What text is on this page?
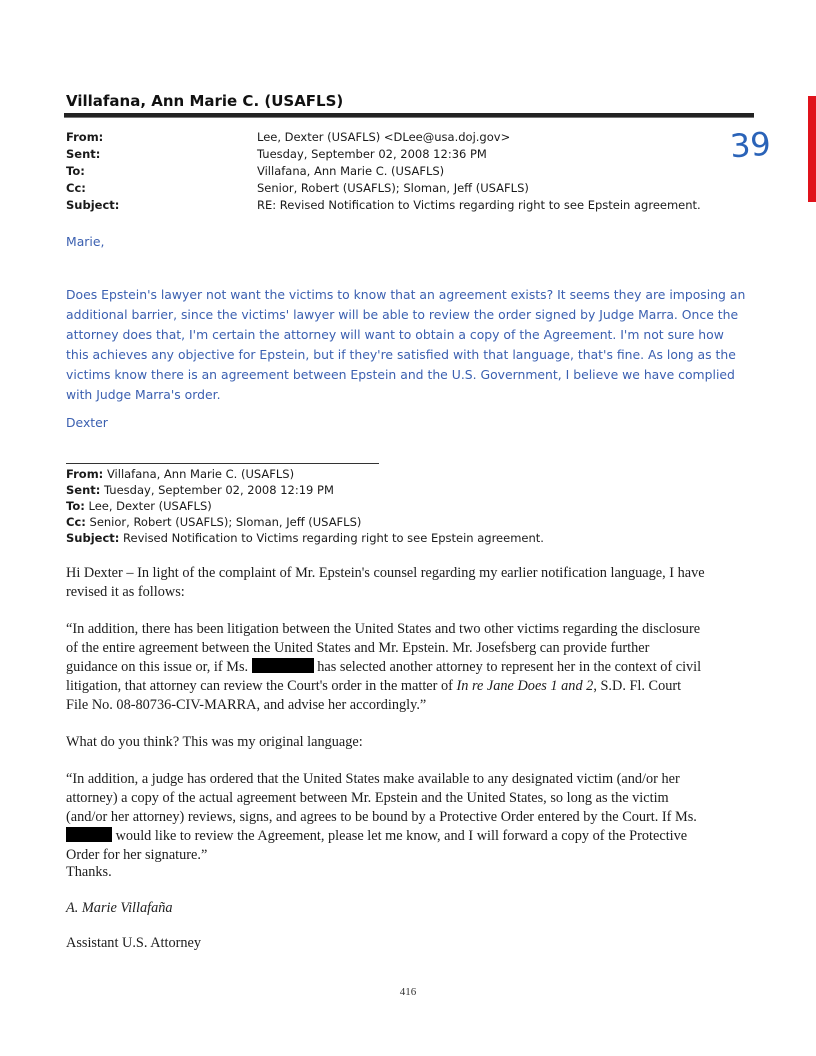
Villafana, Ann Marie C. (USAFLS)
39
From:	Lee, Dexter (USAFLS) <DLee@usa.doj.gov>
Sent:	Tuesday, September 02, 2008 12:36 PM
To:	Villafana, Ann Marie C. (USAFLS)
Cc:	Senior, Robert (USAFLS); Sloman, Jeff (USAFLS)
Subject:	RE: Revised Notification to Victims regarding right to see Epstein agreement.
Marie,
Does Epstein's lawyer not want the victims to know that an agreement exists? It seems they are imposing an
additional barrier, since the victims' lawyer will be able to review the order signed by Judge Marra. Once the
attorney does that, I'm certain the attorney will want to obtain a copy of the Agreement. I'm not sure how
this achieves any objective for Epstein, but if they're satisfied with that language, that's fine. As long as the
victims know there is an agreement between Epstein and the U.S. Government, I believe we have complied
with Judge Marra's order.
Dexter
From: Villafana, Ann Marie C. (USAFLS)
Sent: Tuesday, September 02, 2008 12:19 PM
To: Lee, Dexter (USAFLS)
Cc: Senior, Robert (USAFLS); Sloman, Jeff (USAFLS)
Subject: Revised Notification to Victims regarding right to see Epstein agreement.
Hi Dexter – In light of the complaint of Mr. Epstein's counsel regarding my earlier notification language, I have
revised it as follows:
“In addition, there has been litigation between the United States and two other victims regarding the disclosure
of the entire agreement between the United States and Mr. Epstein. Mr. Josefsberg can provide further
guidance on this issue or, if Ms.	has selected another attorney to represent her in the context of civil
litigation, that attorney can review the Court's order in the matter of In re Jane Does 1 and 2, S.D. Fl. Court
File No. 08-80736-CIV-MARRA, and advise her accordingly.”
What do you think? This was my original language:
“In addition, a judge has ordered that the United States make available to any designated victim (and/or her
attorney) a copy of the actual agreement between Mr. Epstein and the United States, so long as the victim
(and/or her attorney) reviews, signs, and agrees to be bound by a Protective Order entered by the Court. If Ms.
would like to review the Agreement, please let me know, and I will forward a copy of the Protective
Order for her signature.”
Thanks.
A. Marie Villafaña
Assistant U.S. Attorney
416
